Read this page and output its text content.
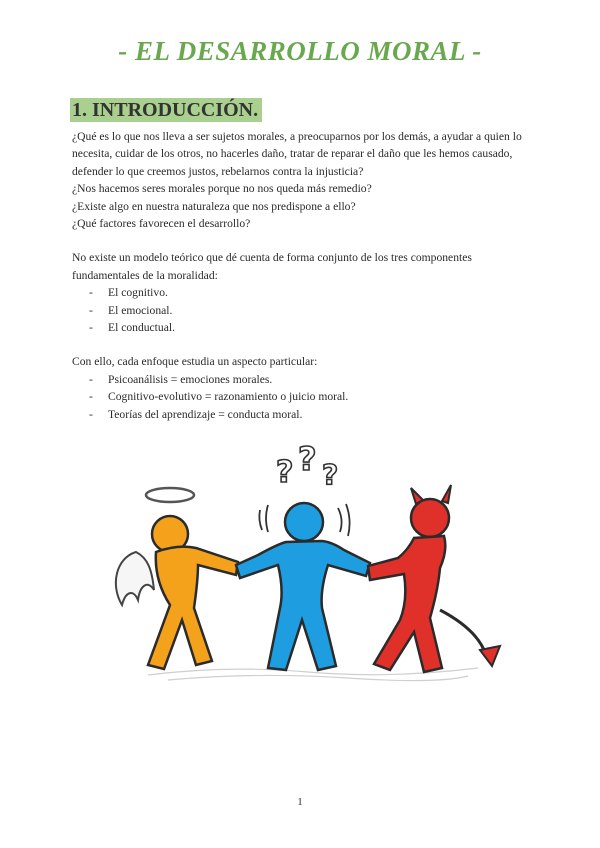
- EL DESARROLLO MORAL -
1. INTRODUCCIÓN.

¿Qué es lo que nos lleva a ser sujetos morales, a preocuparnos por los demás, a ayudar a quien lo

necesita, cuidar de los otros, no hacerles daño, tratar de reparar el daño que les hemos causado,

defender lo que creemos justos, rebelarnos contra la injusticia?

¿Nos hacemos seres morales porque no nos queda más remedio?

¿Existe algo en nuestra naturaleza que nos predispone a ello?

¿Qué factores favorecen el desarrollo?

No existe un modelo teórico que dé cuenta de forma conjunto de los tres componentes

fundamentales de la moralidad:

- El cognitivo.
- El emocional.
- El conductual.

Con ello, cada enfoque estudia un aspecto particular:

- Psicoanálisis = emociones morales.
- Cognitivo-evolutivo = razonamiento o juicio moral.
- Teorías del aprendizaje = conducta moral.
? ? ?
1
